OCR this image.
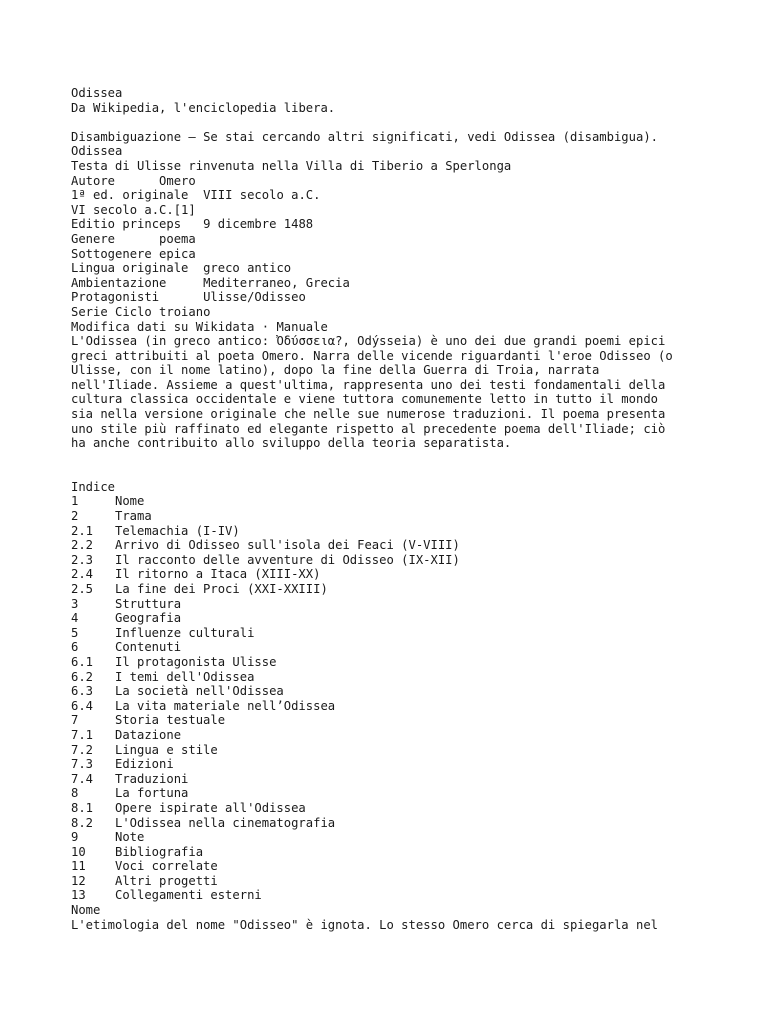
Odissea
Da Wikipedia, l'enciclopedia libera.
Disambiguazione – Se stai cercando altri significati, vedi Odissea (disambigua).
Odissea
Testa di Ulisse rinvenuta nella Villa di Tiberio a Sperlonga
Autore      Omero
1ª ed. originale  VIII secolo a.C.
VI secolo a.C.[1]
Editio princeps   9 dicembre 1488
Genere      poema
Sottogenere epica
Lingua originale  greco antico
Ambientazione     Mediterraneo, Grecia
Protagonisti      Ulisse/Odisseo
Serie Ciclo troiano
Modifica dati su Wikidata · Manuale
L'Odissea (in greco antico: Ὀδύσσεια?, Odýsseia) è uno dei due grandi poemi epici
greci attribuiti al poeta Omero. Narra delle vicende riguardanti l'eroe Odisseo (o
Ulisse, con il nome latino), dopo la fine della Guerra di Troia, narrata
nell'Iliade. Assieme a quest'ultima, rappresenta uno dei testi fondamentali della
cultura classica occidentale e viene tuttora comunemente letto in tutto il mondo
sia nella versione originale che nelle sue numerose traduzioni. Il poema presenta
uno stile più raffinato ed elegante rispetto al precedente poema dell'Iliade; ciò
ha anche contribuito allo sviluppo della teoria separatista.
Indice
1	Nome
2	Trama
2.1	Telemachia (I-IV)
2.2	Arrivo di Odisseo sull'isola dei Feaci (V-VIII)
2.3	Il racconto delle avventure di Odisseo (IX-XII)
2.4	Il ritorno a Itaca (XIII-XX)
2.5	La fine dei Proci (XXI-XXIII)
3	Struttura
4	Geografia
5	Influenze culturali
6	Contenuti
6.1	Il protagonista Ulisse
6.2	I temi dell'Odissea
6.3	La società nell'Odissea
6.4	La vita materiale nell’Odissea
7	Storia testuale
7.1	Datazione
7.2	Lingua e stile
7.3	Edizioni
7.4	Traduzioni
8	La fortuna
8.1	Opere ispirate all'Odissea
8.2	L'Odissea nella cinematografia
9	Note
10	Bibliografia
11	Voci correlate
12	Altri progetti
13	Collegamenti esterni
Nome
L'etimologia del nome "Odisseo" è ignota. Lo stesso Omero cerca di spiegarla nel
